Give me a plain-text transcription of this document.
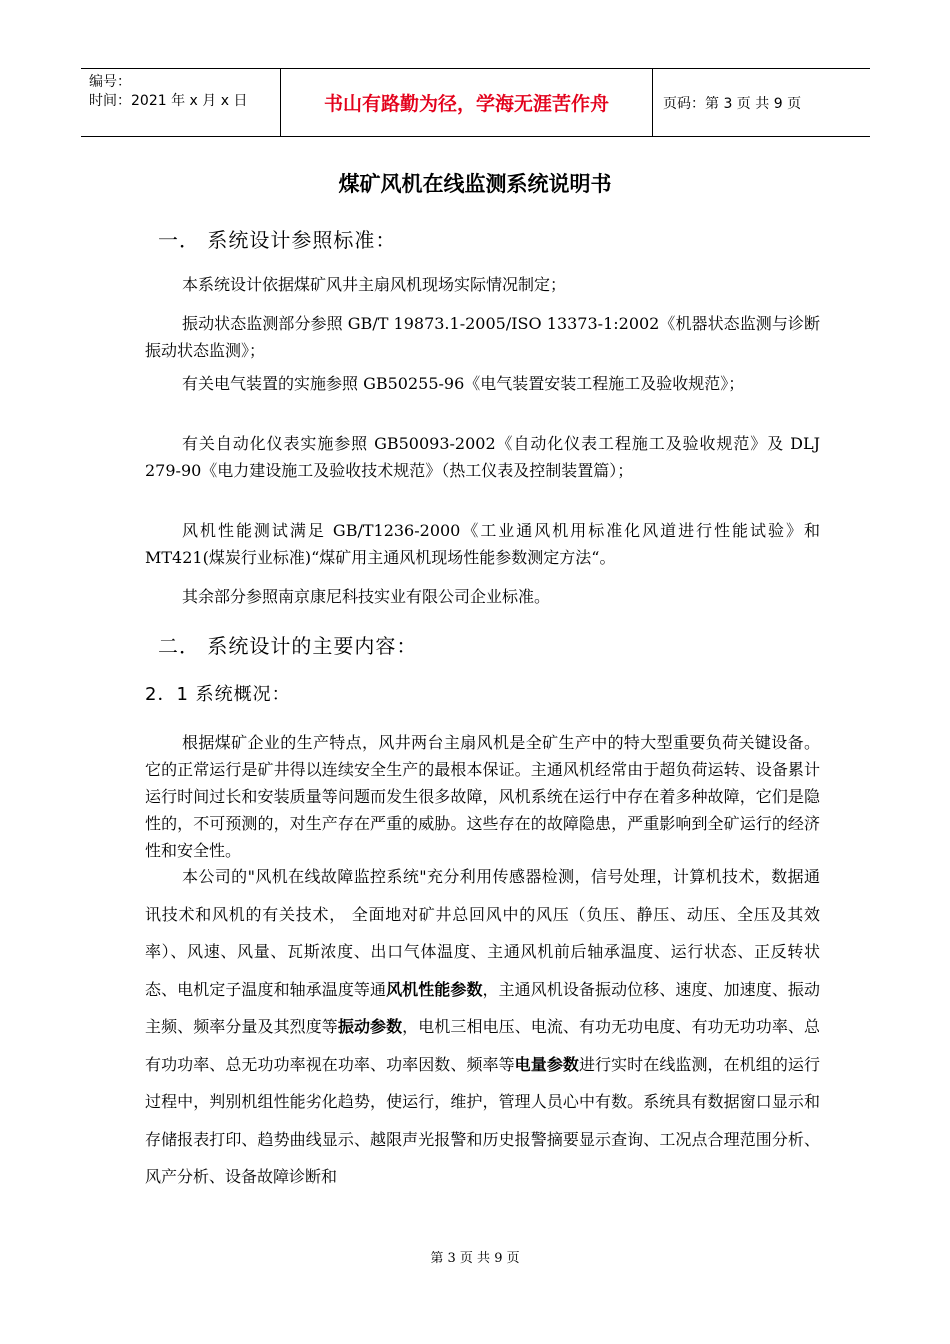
编号：
时间：2021 年 x 月 x 日	书山有路勤为径，学海无涯苦作舟	页码：第 3 页 共 9 页
煤矿风机在线监测系统说明书
一． 系统设计参照标准：
本系统设计依据煤矿风井主扇风机现场实际情况制定；
振动状态监测部分参照 GB/T 19873.1-2005/ISO 13373-1:2002《机器状态监测与诊断 振动状态监测》；
有关电气装置的实施参照 GB50255-96《电气装置安装工程施工及验收规范》；
有关自动化仪表实施参照 GB50093-2002《自动化仪表工程施工及验收规范》及 DLJ 279-90《电力建设施工及验收技术规范》（热工仪表及控制装置篇）；
风机性能测试满足 GB/T1236-2000《工业通风机用标准化风道进行性能试验》和 MT421(煤炭行业标准)“煤矿用主通风机现场性能参数测定方法“。
其余部分参照南京康尼科技实业有限公司企业标准。
二． 系统设计的主要内容：
2．1 系统概况：
根据煤矿企业的生产特点，风井两台主扇风机是全矿生产中的特大型重要负荷关键设备。它的正常运行是矿井得以连续安全生产的最根本保证。主通风机经常由于超负荷运转、设备累计运行时间过长和安装质量等问题而发生很多故障，风机系统在运行中存在着多种故障，它们是隐性的，不可预测的，对生产存在严重的威胁。这些存在的故障隐患，严重影响到全矿运行的经济性和安全性。
本公司的"风机在线故障监控系统"充分利用传感器检测，信号处理，计算机技术，数据通讯技术和风机的有关技术， 全面地对矿井总回风中的风压（负压、静压、动压、全压及其效率）、风速、风量、瓦斯浓度、出口气体温度、主通风机前后轴承温度、运行状态、正反转状态、电机定子温度和轴承温度等通风机性能参数，主通风机设备振动位移、速度、加速度、振动主频、频率分量及其烈度等振动参数，电机三相电压、电流、有功无功电度、有功无功功率、总有功功率、总无功功率视在功率、功率因数、频率等电量参数进行实时在线监测，在机组的运行过程中，判别机组性能劣化趋势，使运行，维护，管理人员心中有数。系统具有数据窗口显示和存储报表打印、趋势曲线显示、越限声光报警和历史报警摘要显示查询、工况点合理范围分析、风产分析、设备故障诊断和
第 3 页 共 9 页
